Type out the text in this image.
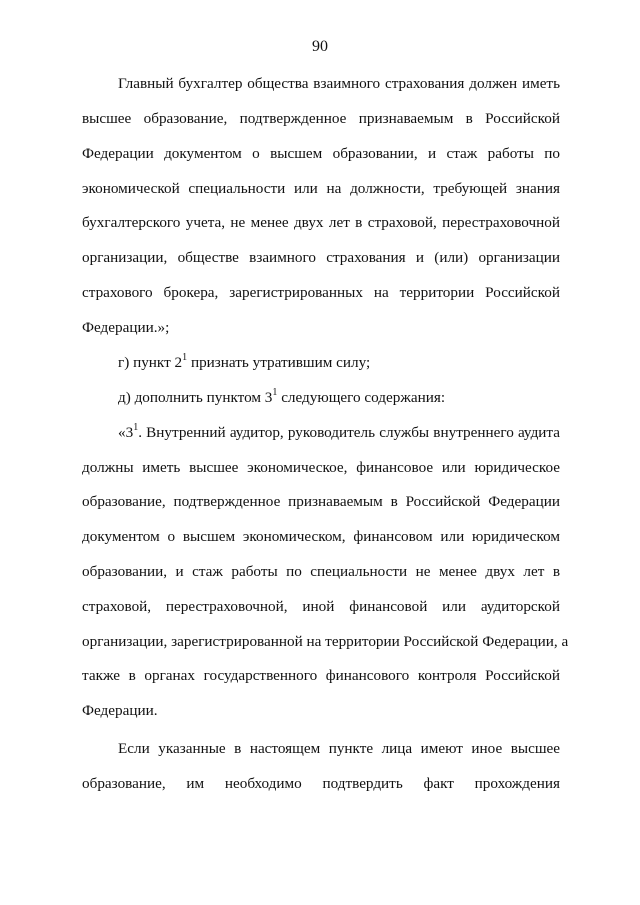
90
Главный бухгалтер общества взаимного страхования должен иметь
высшее образование, подтвержденное признаваемым в Российской
Федерации документом о высшем образовании, и стаж работы по
экономической специальности или на должности, требующей знания
бухгалтерского учета, не менее двух лет в страховой, перестраховочной
организации, обществе взаимного страхования и (или) организации
страхового брокера, зарегистрированных на территории Российской
Федерации.»;
г) пункт $2^1$ признать утратившим силу;
д) дополнить пунктом $3^1$ следующего содержания:
«$3^1$. Внутренний аудитор, руководитель службы внутреннего аудита
должны иметь высшее экономическое, финансовое или юридическое
образование, подтвержденное признаваемым в Российской Федерации
документом о высшем экономическом, финансовом или юридическом
образовании, и стаж работы по специальности не менее двух лет в
страховой, перестраховочной, иной финансовой или аудиторской
организации, зарегистрированной на территории Российской Федерации, а
также в органах государственного финансового контроля Российской
Федерации.
Если указанные в настоящем пункте лица имеют иное высшее
образование, им необходимо подтвердить факт прохождения
